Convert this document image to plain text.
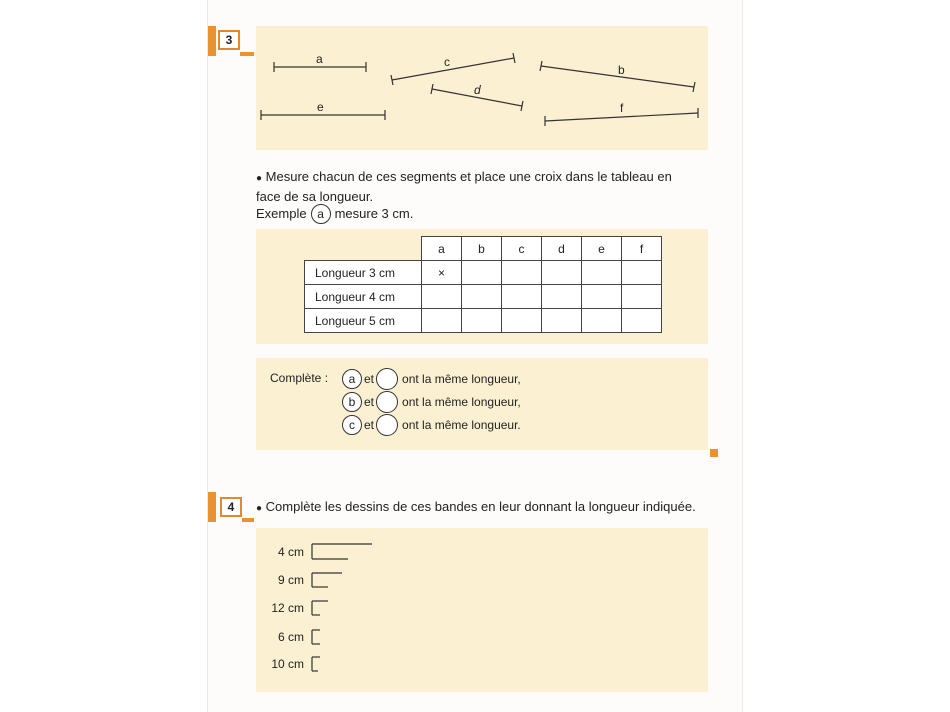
3
a	c
b
d
e	f
● Mesure chacun de ces segments et place une croix dans le tableau en
face de sa longueur.
Exemple a mesure 3 cm.
	a	b	c	d	e	f
Longueur 3 cm	×					
Longueur 4 cm						
Longueur 5 cm						
Complète :	a et ont la même longueur,
b et ont la même longueur,
c et ont la même longueur.
4	● Complète les dessins de ces bandes en leur donnant la longueur indiquée.
4 cm
9 cm
12 cm
6 cm
10 cm
